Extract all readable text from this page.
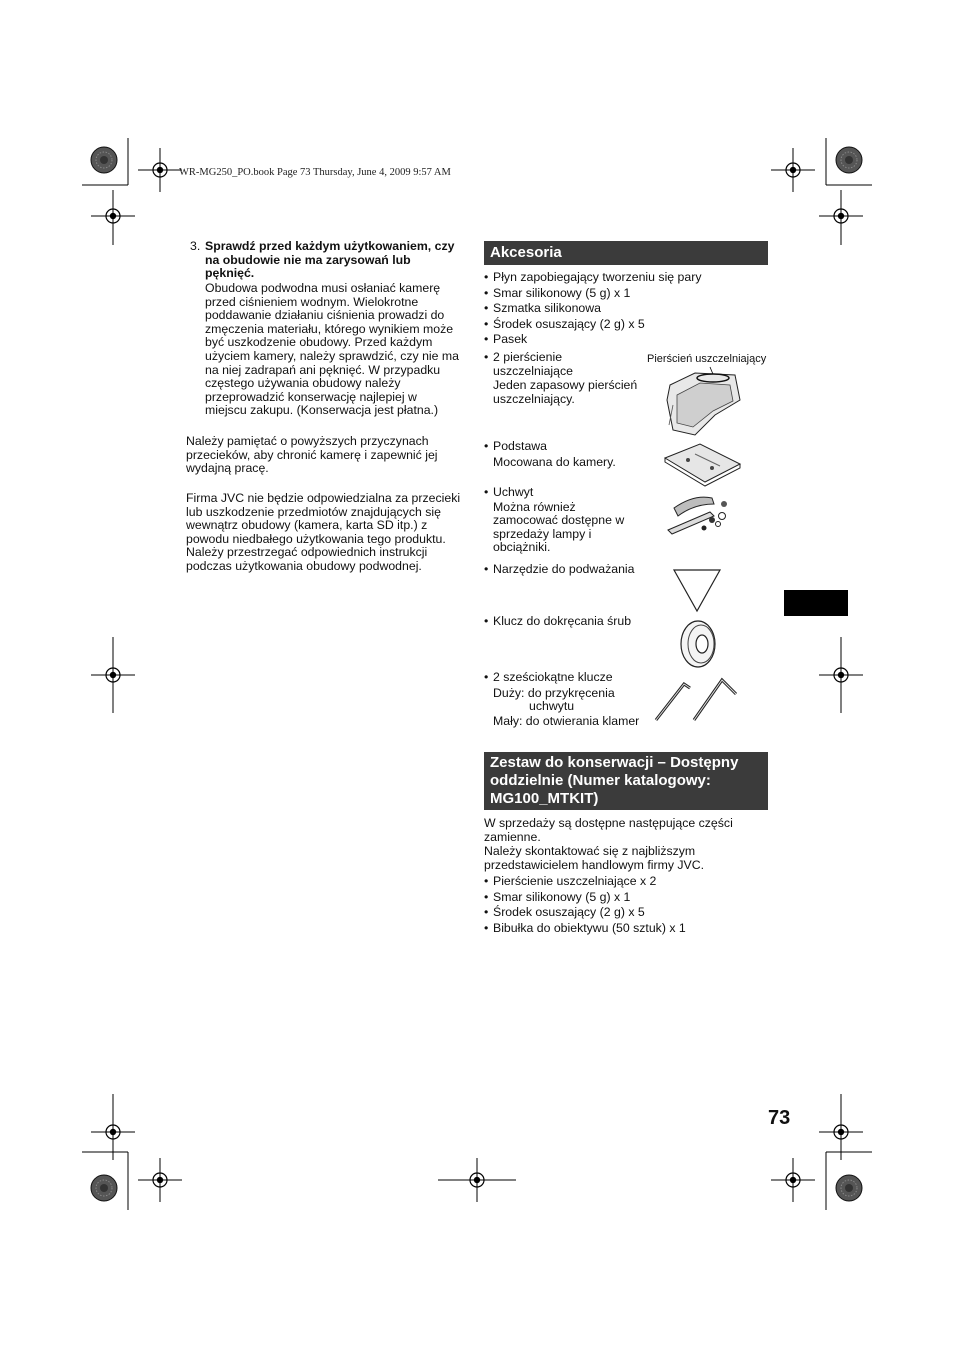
WR-MG250_PO.book Page 73 Thursday, June 4, 2009 9:57 AM
3. Sprawdź przed każdym użytkowaniem, czy
na obudowie nie ma zarysowań lub
pęknięć.
Obudowa podwodna musi osłaniać kamerę
przed ciśnieniem wodnym. Wielokrotne
poddawanie działaniu ciśnienia prowadzi do
zmęczenia materiału, którego wynikiem może
być uszkodzenie obudowy. Przed każdym
użyciem kamery, należy sprawdzić, czy nie ma
na niej zadrapań ani pęknięć. W przypadku
częstego używania obudowy należy
przeprowadzić konserwację najlepiej w
miejscu zakupu. (Konserwacja jest płatna.)
Należy pamiętać o powyższych przyczynach
przecieków, aby chronić kamerę i zapewnić jej
wydajną pracę.
Firma JVC nie będzie odpowiedzialna za przecieki
lub uszkodzenie przedmiotów znajdujących się
wewnątrz obudowy (kamera, karta SD itp.) z
powodu niedbałego użytkowania tego produktu.
Należy przestrzegać odpowiednich instrukcji
podczas użytkowania obudowy podwodnej.
Akcesoria
• Płyn zapobiegający tworzeniu się pary
• Smar silikonowy (5 g) x 1
• Szmatka silikonowa
• Środek osuszający (2 g) x 5
• Pasek
• 2 pierścienie
uszczelniające
Jeden zapasowy pierścień
uszczelniający.
Pierścień uszczelniający
• Podstawa
Mocowana do kamery.
• Uchwyt
Można również
zamocować dostępne w
sprzedaży lampy i
obciążniki.
• Narzędzie do podważania
• Klucz do dokręcania śrub
• 2 sześciokątne klucze
Duży: do przykręcenia
uchwytu
Mały: do otwierania klamer
Zestaw do konserwacji – Dostępny
oddzielnie (Numer katalogowy:
MG100_MTKIT)
W sprzedaży są dostępne następujące części
zamienne.
Należy skontaktować się z najbliższym
przedstawicielem handlowym firmy JVC.
• Pierścienie uszczelniające x 2
• Smar silikonowy (5 g) x 1
• Środek osuszający (2 g) x 5
• Bibułka do obiektywu (50 sztuk) x 1
73
